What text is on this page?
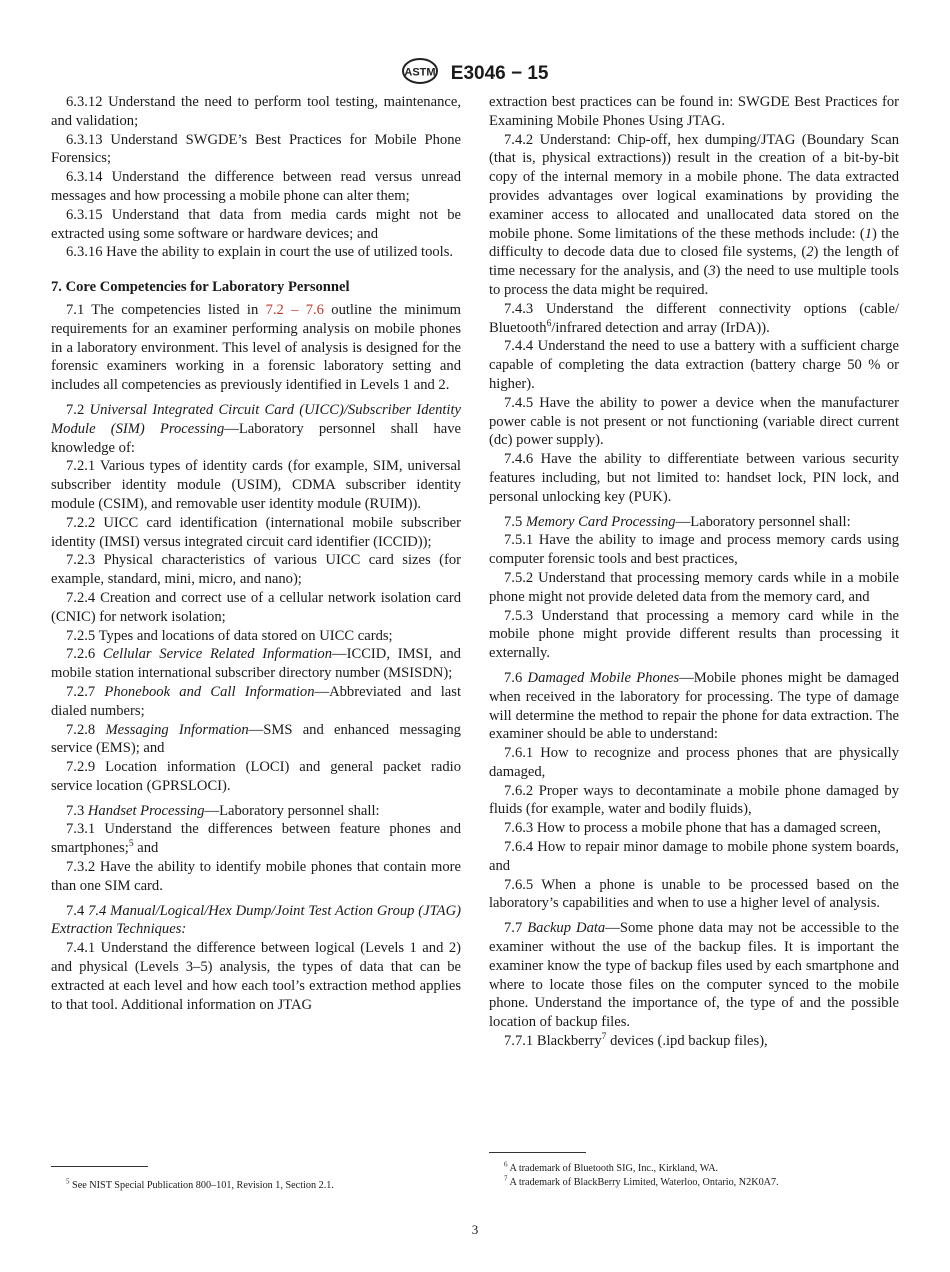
ASTM E3046 − 15

6.3.12 Understand the need to perform tool testing, maintenance, and validation;

6.3.13 Understand SWGDE’s Best Practices for Mobile Phone Forensics;

6.3.14 Understand the difference between read versus unread messages and how processing a mobile phone can alter them;

6.3.15 Understand that data from media cards might not be extracted using some software or hardware devices; and

6.3.16 Have the ability to explain in court the use of utilized tools.

7. Core Competencies for Laboratory Personnel

7.1 The competencies listed in 7.2 – 7.6 outline the minimum requirements for an examiner performing analysis on mobile phones in a laboratory environment. This level of analysis is designed for the forensic examiners working in a forensic laboratory setting and includes all competencies as previously identified in Levels 1 and 2.

7.2 Universal Integrated Circuit Card (UICC)/Subscriber Identity Module (SIM) Processing—Laboratory personnel shall have knowledge of:

7.2.1 Various types of identity cards (for example, SIM, universal subscriber identity module (USIM), CDMA subscriber identity module (CSIM), and removable user identity module (RUIM)).

7.2.2 UICC card identification (international mobile subscriber identity (IMSI) versus integrated circuit card identifier (ICCID));

7.2.3 Physical characteristics of various UICC card sizes (for example, standard, mini, micro, and nano);

7.2.4 Creation and correct use of a cellular network isolation card (CNIC) for network isolation;

7.2.5 Types and locations of data stored on UICC cards;

7.2.6 Cellular Service Related Information—ICCID, IMSI, and mobile station international subscriber directory number (MSISDN);

7.2.7 Phonebook and Call Information—Abbreviated and last dialed numbers;

7.2.8 Messaging Information—SMS and enhanced messaging service (EMS); and

7.2.9 Location information (LOCI) and general packet radio service location (GPRSLOCI).

7.3 Handset Processing—Laboratory personnel shall:

7.3.1 Understand the differences between feature phones and smartphones;$^5$ and

7.3.2 Have the ability to identify mobile phones that contain more than one SIM card.

7.4 7.4 Manual/Logical/Hex Dump/Joint Test Action Group (JTAG) Extraction Techniques:

7.4.1 Understand the difference between logical (Levels 1 and 2) and physical (Levels 3–5) analysis, the types of data that can be extracted at each level and how each tool’s extraction method applies to that tool. Additional information on JTAG

extraction best practices can be found in: SWGDE Best Practices for Examining Mobile Phones Using JTAG.

7.4.2 Understand: Chip-off, hex dumping/JTAG (Boundary Scan (that is, physical extractions)) result in the creation of a bit-by-bit copy of the internal memory in a mobile phone. The data extracted provides advantages over logical examinations by providing the examiner access to allocated and unallocated data stored on the mobile phone. Some limitations of the these methods include: (1) the difficulty to decode data due to closed file systems, (2) the length of time necessary for the analysis, and (3) the need to use multiple tools to process the data might be required.

7.4.3 Understand the different connectivity options (cable/ Bluetooth$^6$/infrared detection and array (IrDA)).

7.4.4 Understand the need to use a battery with a sufficient charge capable of completing the data extraction (battery charge 50 % or higher).

7.4.5 Have the ability to power a device when the manufacturer power cable is not present or not functioning (variable direct current (dc) power supply).

7.4.6 Have the ability to differentiate between various security features including, but not limited to: handset lock, PIN lock, and personal unlocking key (PUK).

7.5 Memory Card Processing—Laboratory personnel shall:

7.5.1 Have the ability to image and process memory cards using computer forensic tools and best practices,

7.5.2 Understand that processing memory cards while in a mobile phone might not provide deleted data from the memory card, and

7.5.3 Understand that processing a memory card while in the mobile phone might provide different results than processing it externally.

7.6 Damaged Mobile Phones—Mobile phones might be damaged when received in the laboratory for processing. The type of damage will determine the method to repair the phone for data extraction. The examiner should be able to understand:

7.6.1 How to recognize and process phones that are physically damaged,

7.6.2 Proper ways to decontaminate a mobile phone damaged by fluids (for example, water and bodily fluids),

7.6.3 How to process a mobile phone that has a damaged screen,

7.6.4 How to repair minor damage to mobile phone system boards, and

7.6.5 When a phone is unable to be processed based on the laboratory’s capabilities and when to use a higher level of analysis.

7.7 Backup Data—Some phone data may not be accessible to the examiner without the use of the backup files. It is important the examiner know the type of backup files used by each smartphone and where to locate those files on the computer synced to the mobile phone. Understand the importance of, the type of and the possible location of backup files.

7.7.1 Blackberry$^7$ devices (.ipd backup files),

$^5$ See NIST Special Publication 800–101, Revision 1, Section 2.1.
$^6$ A trademark of Bluetooth SIG, Inc., Kirkland, WA.
$^7$ A trademark of BlackBerry Limited, Waterloo, Ontario, N2K0A7.
3
